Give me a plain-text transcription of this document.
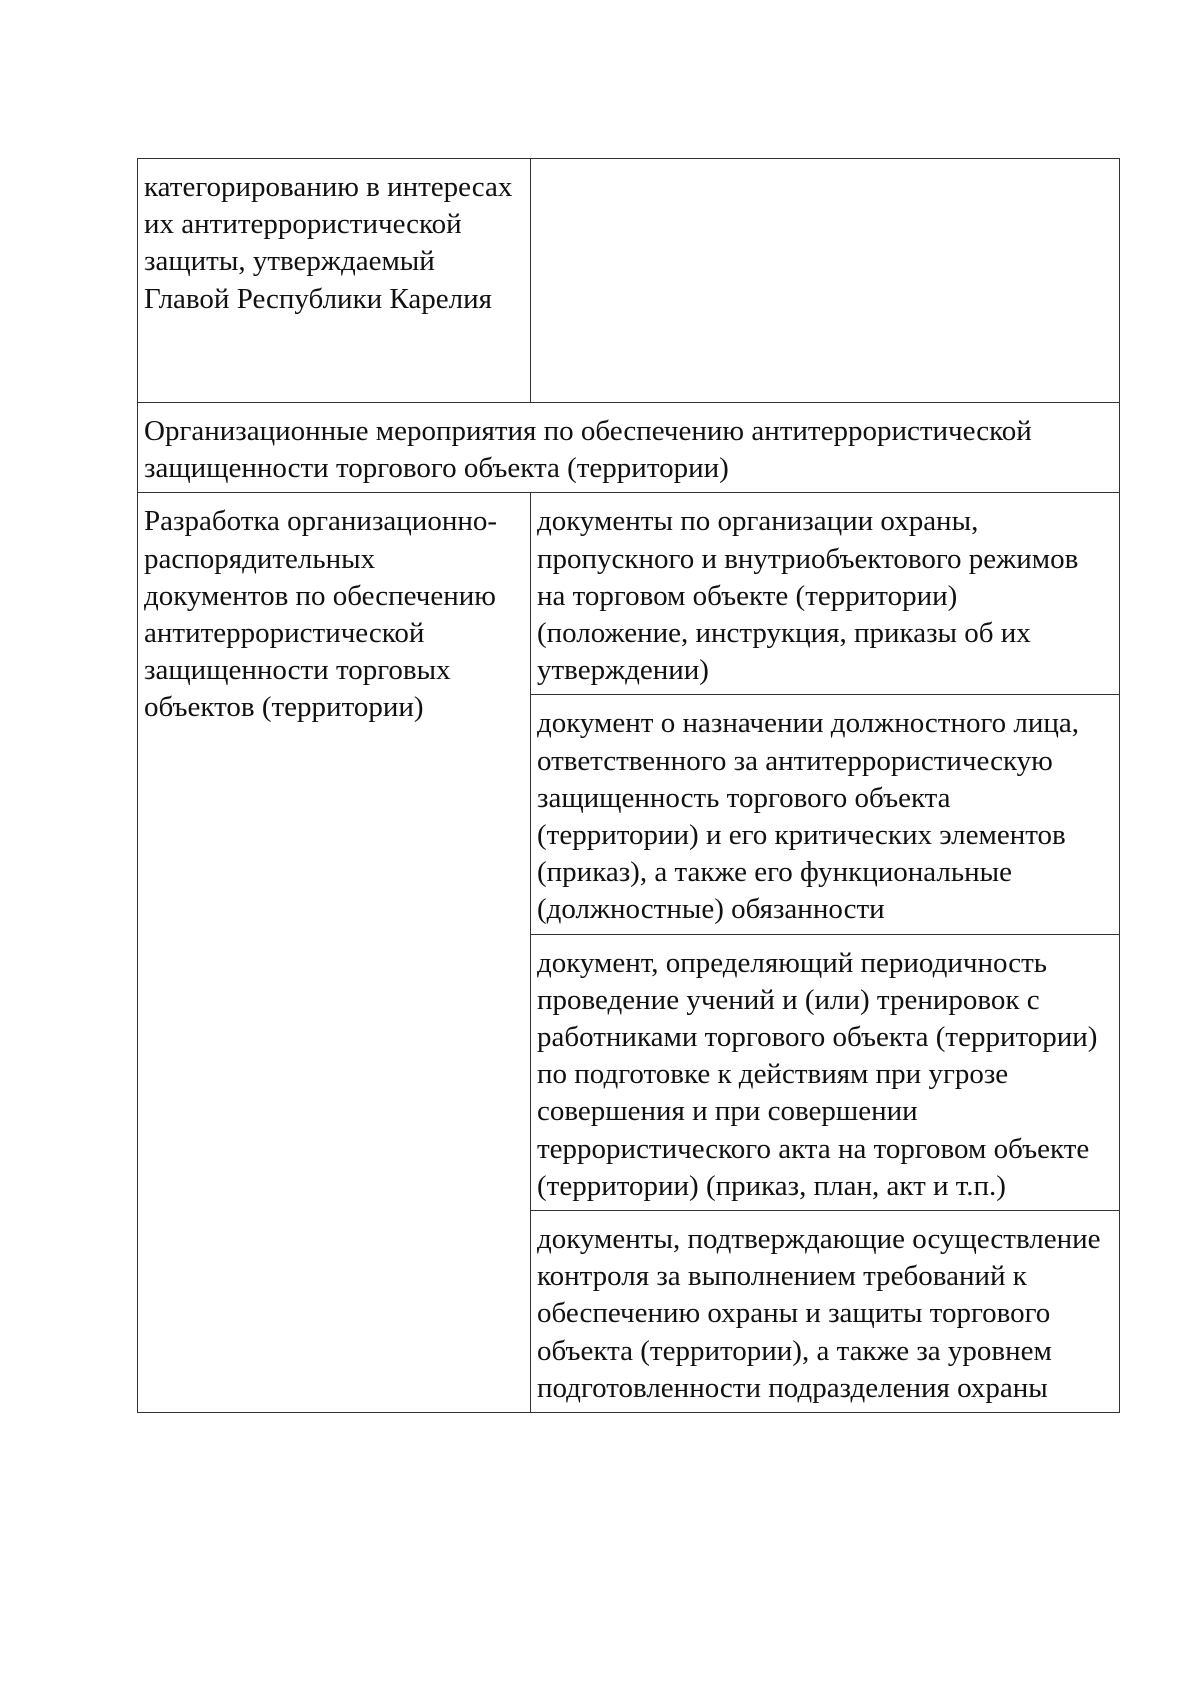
категорированию в интересах их антитеррористической защиты, утверждаемый Главой Республики Карелия	

Организационные мероприятия по обеспечению антитеррористической защищенности торгового объекта (территории)	

Разработка организационно-распорядительных документов по обеспечению антитеррористической защищенности торговых объектов (территории)	документы по организации охраны, пропускного и внутриобъектового режимов на торговом объекте (территории) (положение, инструкция, приказы об их утверждении)

	документ о назначении должностного лица, ответственного за антитеррористическую защищенность торгового объекта (территории) и его критических элементов (приказ), а также его функциональные (должностные) обязанности

	документ, определяющий периодичность проведение учений и (или) тренировок с работниками торгового объекта (территории) по подготовке к действиям при угрозе совершения и при совершении террористического акта на торговом объекте (территории) (приказ, план, акт и т.п.)

	документы, подтверждающие осуществление контроля за выполнением требований к обеспечению охраны и защиты торгового объекта (территории), а также за уровнем подготовленности подразделения охраны
